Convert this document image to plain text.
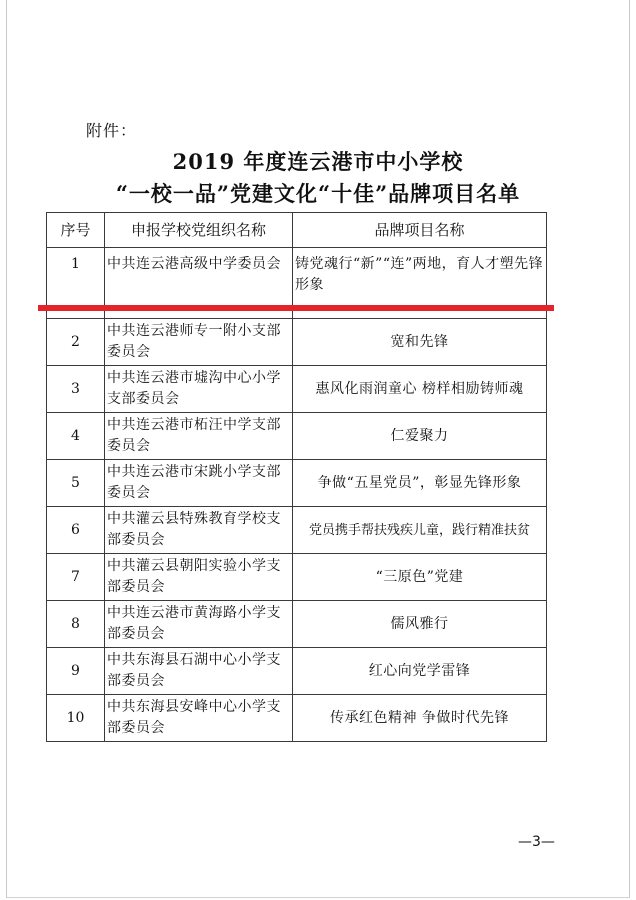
附件：
2019 年度连云港市中小学校
“一校一品”党建文化“十佳”品牌项目名单
序号	申报学校党组织名称	品牌项目名称
1	中共连云港高级中学委员会	铸党魂行“新”“连”两地，育人才塑先锋形象
2	中共连云港师专一附小支部委员会	宽和先锋
3	中共连云港市墟沟中心小学支部委员会	惠风化雨润童心 榜样相励铸师魂
4	中共连云港市柘汪中学支部委员会	仁爱聚力
5	中共连云港市宋跳小学支部委员会	争做“五星党员”，彰显先锋形象
6	中共灌云县特殊教育学校支部委员会	党员携手帮扶残疾儿童，践行精准扶贫
7	中共灌云县朝阳实验小学支部委员会	“三原色”党建
8	中共连云港市黄海路小学支部委员会	儒风雅行
9	中共东海县石湖中心小学支部委员会	红心向党学雷锋
10	中共东海县安峰中心小学支部委员会	传承红色精神 争做时代先锋
—3—
